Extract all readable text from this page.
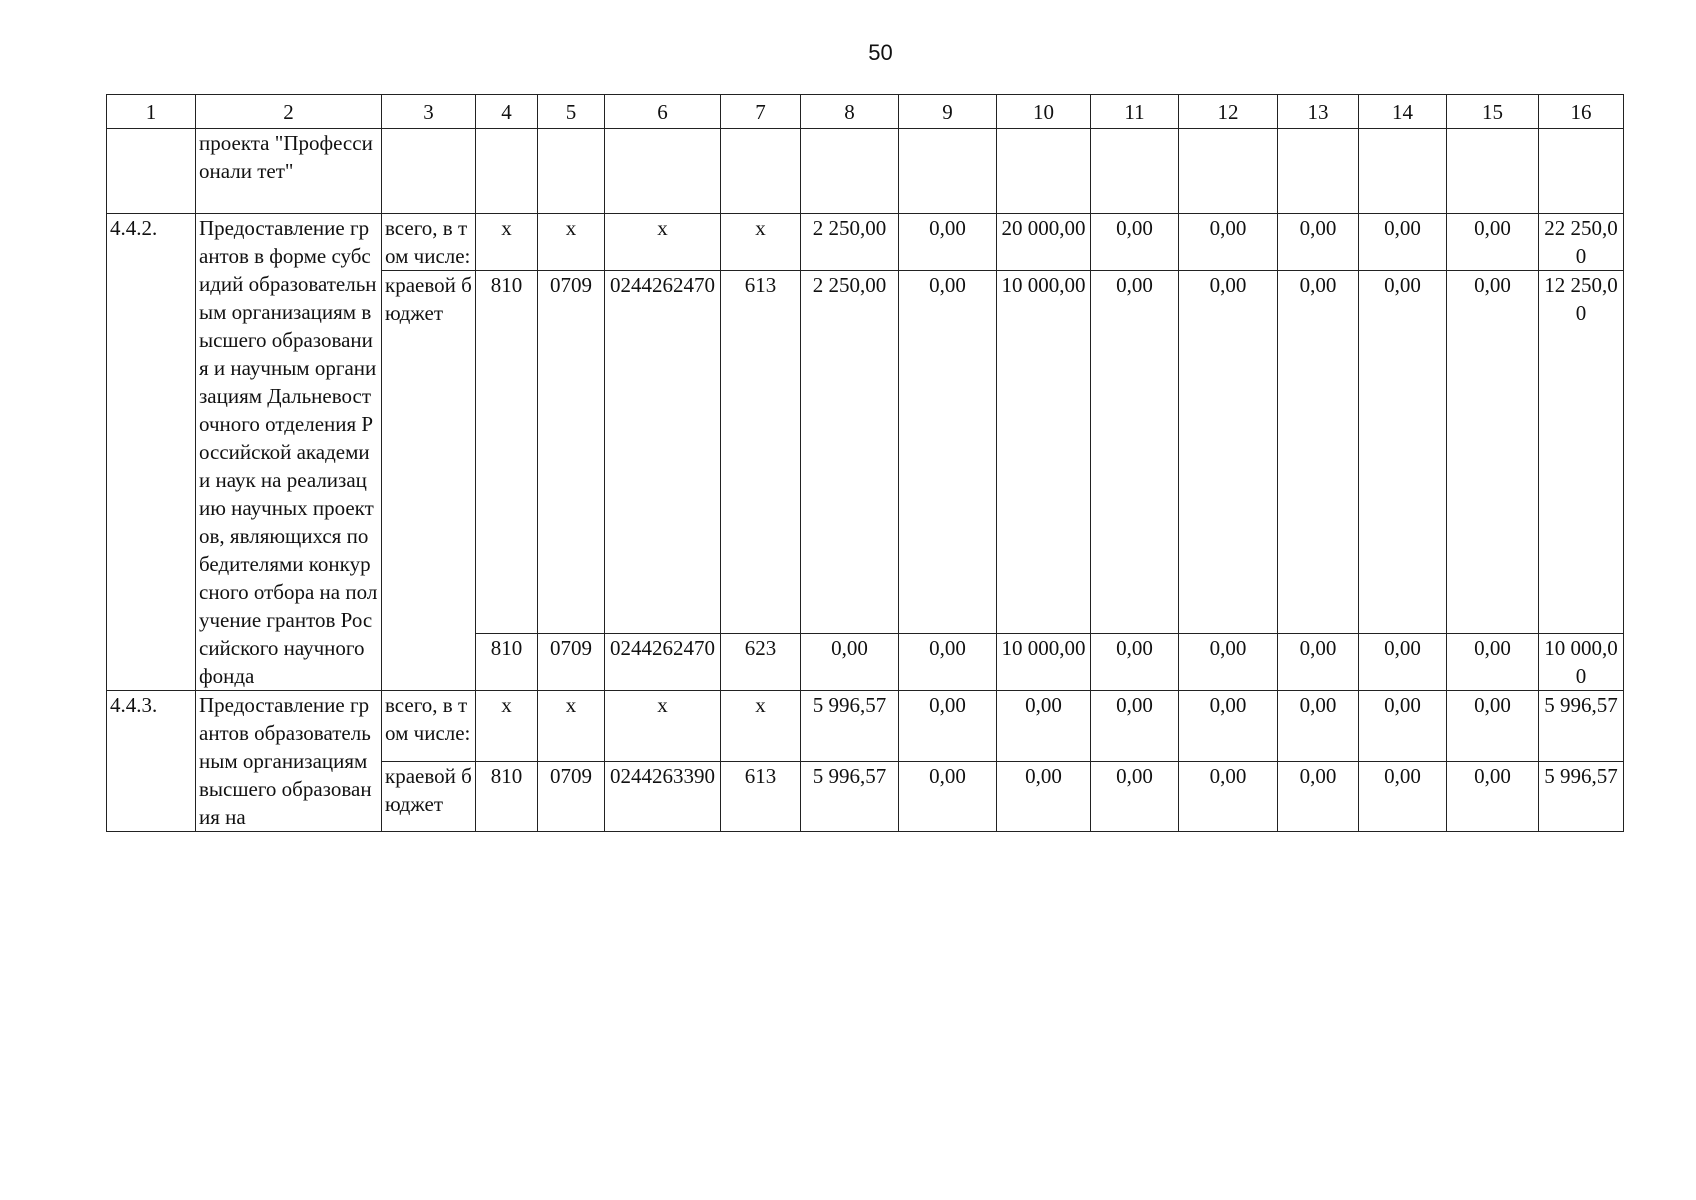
50
1	2	3	4	5	6	7	8	9	10	11	12	13	14	15	16
	проекта "Профессионали тет"														
4.4.2.	Предоставление грантов в форме субсидий образовательным организациям высшего образования и научным организациям Дальневосточного отделения Российской академии наук на реализацию научных проектов, являющихся победителями конкурсного отбора на получение грантов Российского научного фонда	всего, в том числе:	х	х	х	х	2 250,00	0,00	20 000,00	0,00	0,00	0,00	0,00	0,00	22 250,00
		краевой бюджет	810	0709	0244262470	613	2 250,00	0,00	10 000,00	0,00	0,00	0,00	0,00	0,00	12 250,00
			810	0709	0244262470	623	0,00	0,00	10 000,00	0,00	0,00	0,00	0,00	0,00	10 000,00
4.4.3.	Предоставление грантов образовательным организациям высшего образования на	всего, в том числе:	х	х	х	х	5 996,57	0,00	0,00	0,00	0,00	0,00	0,00	0,00	5 996,57
		краевой бюджет	810	0709	0244263390	613	5 996,57	0,00	0,00	0,00	0,00	0,00	0,00	0,00	5 996,57
